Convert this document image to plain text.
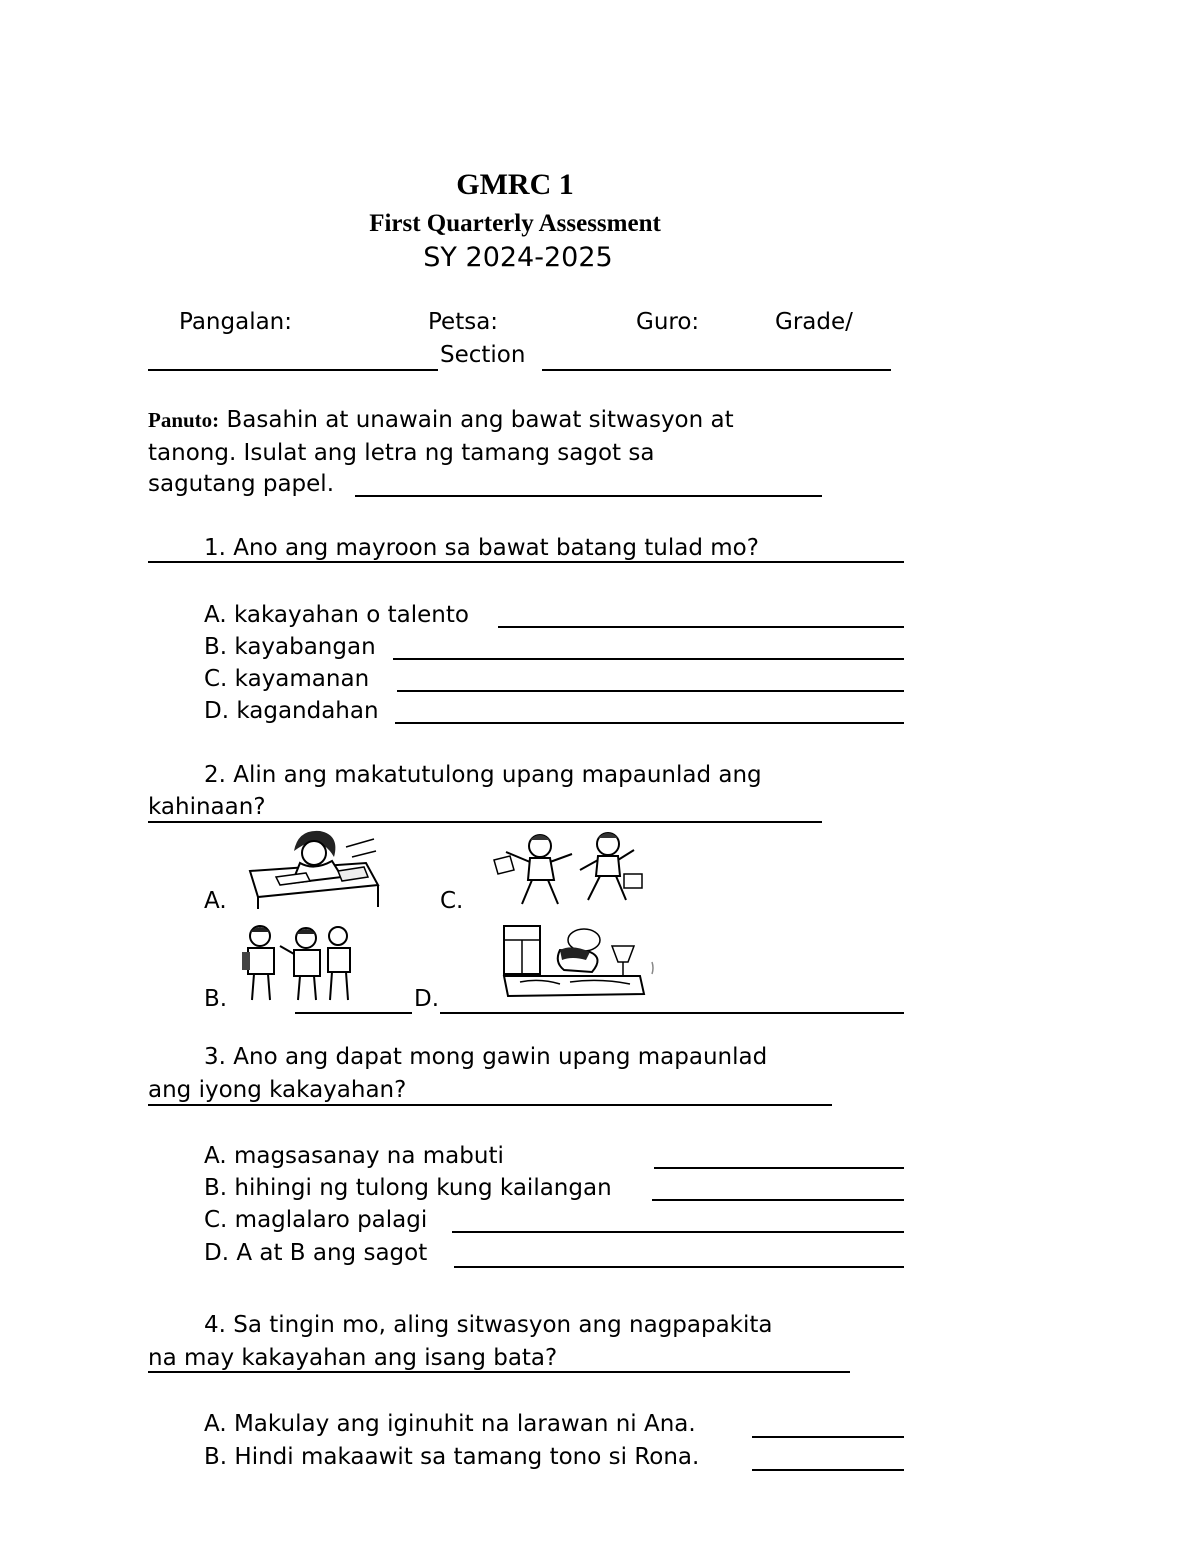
GMRC 1
First Quarterly Assessment
SY 2024-2025
Pangalan:	Petsa:	Guro:	Grade/
Section
Panuto: Basahin at unawain ang bawat sitwasyon at
tanong. Isulat ang letra ng tamang sagot sa
sagutang papel.
1. Ano ang mayroon sa bawat batang tulad mo?
A. kakayahan o talento
B. kayabangan
C. kayamanan
D. kagandahan
2. Alin ang makatutulong upang mapaunlad ang
kahinaan?
A.	C.
B.	D.
3. Ano ang dapat mong gawin upang mapaunlad
ang iyong kakayahan?
A. magsasanay na mabuti
B. hihingi ng tulong kung kailangan
C. maglalaro palagi
D. A at B ang sagot
4. Sa tingin mo, aling sitwasyon ang nagpapakita
na may kakayahan ang isang bata?
A. Makulay ang iginuhit na larawan ni Ana.
B. Hindi makaawit sa tamang tono si Rona.
